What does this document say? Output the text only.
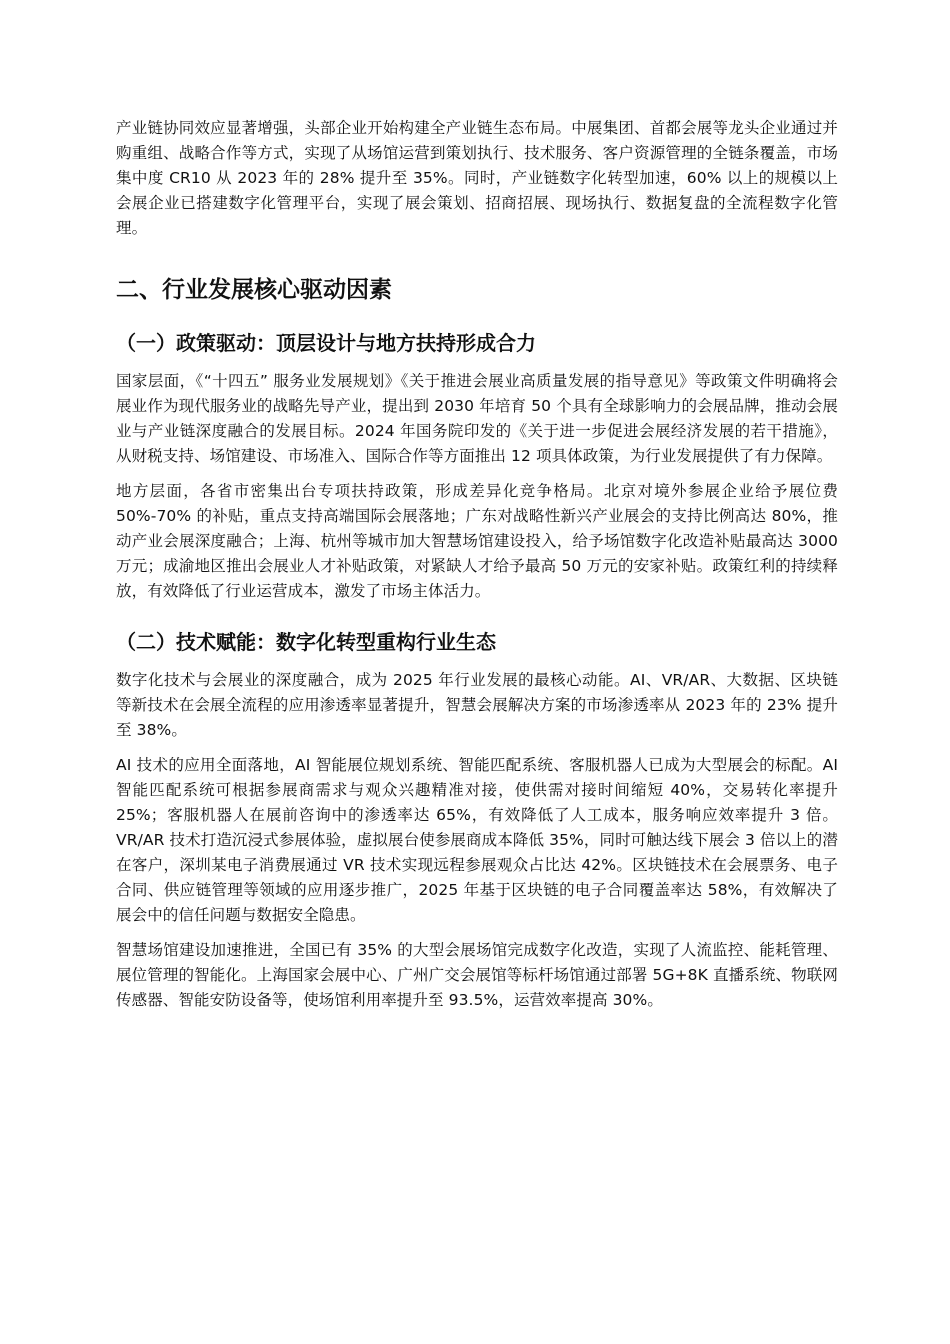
产业链协同效应显著增强，头部企业开始构建全产业链生态布局。中展集团、首都会展等龙头企业通过并购重组、战略合作等方式，实现了从场馆运营到策划执行、技术服务、客户资源管理的全链条覆盖，市场集中度 CR10 从 2023 年的 28% 提升至 35%。同时，产业链数字化转型加速，60% 以上的规模以上会展企业已搭建数字化管理平台，实现了展会策划、招商招展、现场执行、数据复盘的全流程数字化管理。

二、行业发展核心驱动因素
（一）政策驱动：顶层设计与地方扶持形成合力

国家层面，《“十四五” 服务业发展规划》《关于推进会展业高质量发展的指导意见》等政策文件明确将会展业作为现代服务业的战略先导产业，提出到 2030 年培育 50 个具有全球影响力的会展品牌，推动会展业与产业链深度融合的发展目标。2024 年国务院印发的《关于进一步促进会展经济发展的若干措施》，从财税支持、场馆建设、市场准入、国际合作等方面推出 12 项具体政策，为行业发展提供了有力保障。

地方层面，各省市密集出台专项扶持政策，形成差异化竞争格局。北京对境外参展企业给予展位费 50%-70% 的补贴，重点支持高端国际会展落地；广东对战略性新兴产业展会的支持比例高达 80%，推动产业会展深度融合；上海、杭州等城市加大智慧场馆建设投入，给予场馆数字化改造补贴最高达 3000 万元；成渝地区推出会展业人才补贴政策，对紧缺人才给予最高 50 万元的安家补贴。政策红利的持续释放，有效降低了行业运营成本，激发了市场主体活力。

（二）技术赋能：数字化转型重构行业生态

数字化技术与会展业的深度融合，成为 2025 年行业发展的最核心动能。AI、VR/AR、大数据、区块链等新技术在会展全流程的应用渗透率显著提升，智慧会展解决方案的市场渗透率从 2023 年的 23% 提升至 38%。

AI 技术的应用全面落地，AI 智能展位规划系统、智能匹配系统、客服机器人已成为大型展会的标配。AI 智能匹配系统可根据参展商需求与观众兴趣精准对接，使供需对接时间缩短 40%，交易转化率提升 25%；客服机器人在展前咨询中的渗透率达 65%，有效降低了人工成本，服务响应效率提升 3 倍。VR/AR 技术打造沉浸式参展体验，虚拟展台使参展商成本降低 35%，同时可触达线下展会 3 倍以上的潜在客户，深圳某电子消费展通过 VR 技术实现远程参展观众占比达 42%。区块链技术在会展票务、电子合同、供应链管理等领域的应用逐步推广，2025 年基于区块链的电子合同覆盖率达 58%，有效解决了展会中的信任问题与数据安全隐患。

智慧场馆建设加速推进，全国已有 35% 的大型会展场馆完成数字化改造，实现了人流监控、能耗管理、展位管理的智能化。上海国家会展中心、广州广交会展馆等标杆场馆通过部署 5G+8K 直播系统、物联网传感器、智能安防设备等，使场馆利用率提升至 93.5%，运营效率提高 30%。
